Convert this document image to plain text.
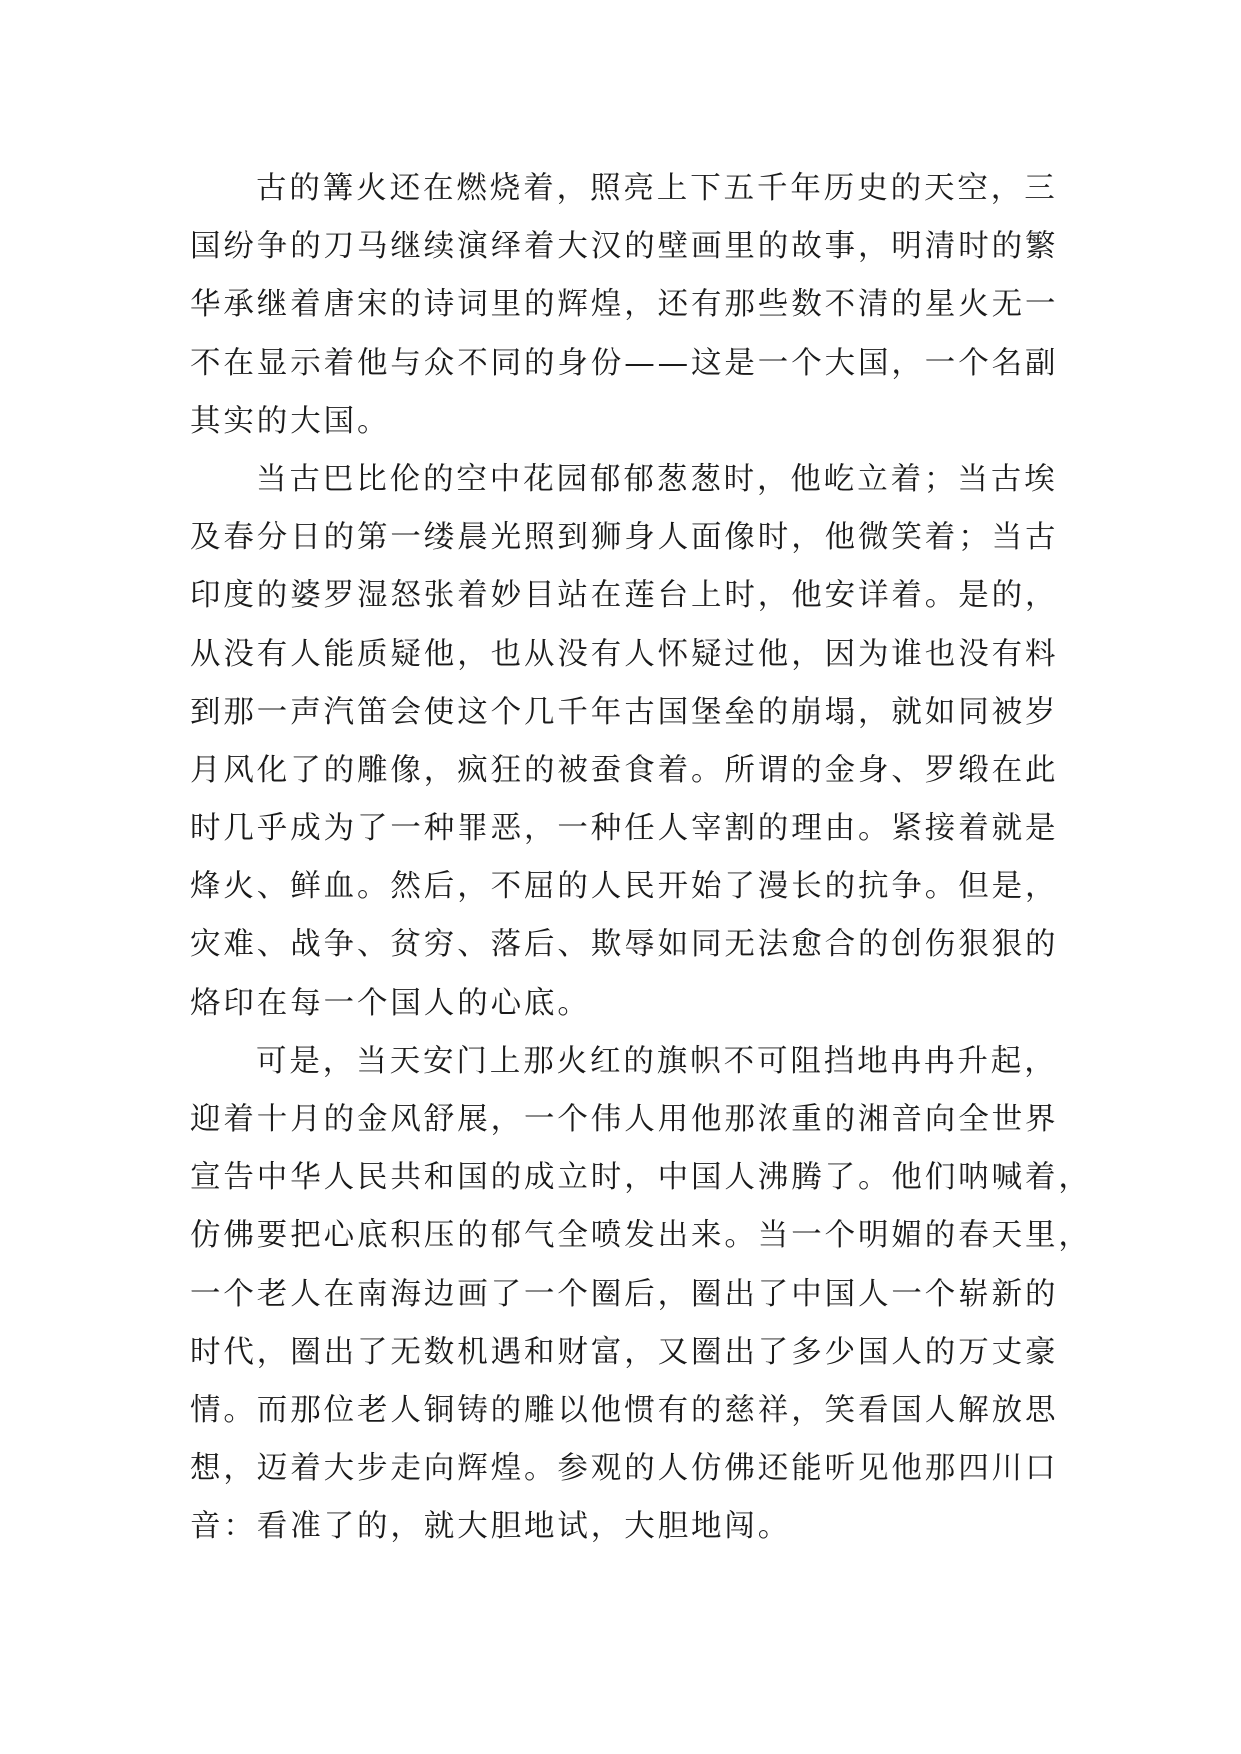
古的篝火还在燃烧着，照亮上下五千年历史的天空，三
国纷争的刀马继续演绎着大汉的壁画里的故事，明清时的繁
华承继着唐宋的诗词里的辉煌，还有那些数不清的星火无一
不在显示着他与众不同的身份——这是一个大国，一个名副
其实的大国。

当古巴比伦的空中花园郁郁葱葱时，他屹立着；当古埃
及春分日的第一缕晨光照到狮身人面像时，他微笑着；当古
印度的婆罗湿怒张着妙目站在莲台上时，他安详着。是的，
从没有人能质疑他，也从没有人怀疑过他，因为谁也没有料
到那一声汽笛会使这个几千年古国堡垒的崩塌，就如同被岁
月风化了的雕像，疯狂的被蚕食着。所谓的金身、罗缎在此
时几乎成为了一种罪恶，一种任人宰割的理由。紧接着就是
烽火、鲜血。然后，不屈的人民开始了漫长的抗争。但是，
灾难、战争、贫穷、落后、欺辱如同无法愈合的创伤狠狠的
烙印在每一个国人的心底。

可是，当天安门上那火红的旗帜不可阻挡地冉冉升起，
迎着十月的金风舒展，一个伟人用他那浓重的湘音向全世界
宣告中华人民共和国的成立时，中国人沸腾了。他们呐喊着，
仿佛要把心底积压的郁气全喷发出来。当一个明媚的春天里，
一个老人在南海边画了一个圈后，圈出了中国人一个崭新的
时代，圈出了无数机遇和财富，又圈出了多少国人的万丈豪
情。而那位老人铜铸的雕以他惯有的慈祥，笑看国人解放思
想，迈着大步走向辉煌。参观的人仿佛还能听见他那四川口
音：看准了的，就大胆地试，大胆地闯。
